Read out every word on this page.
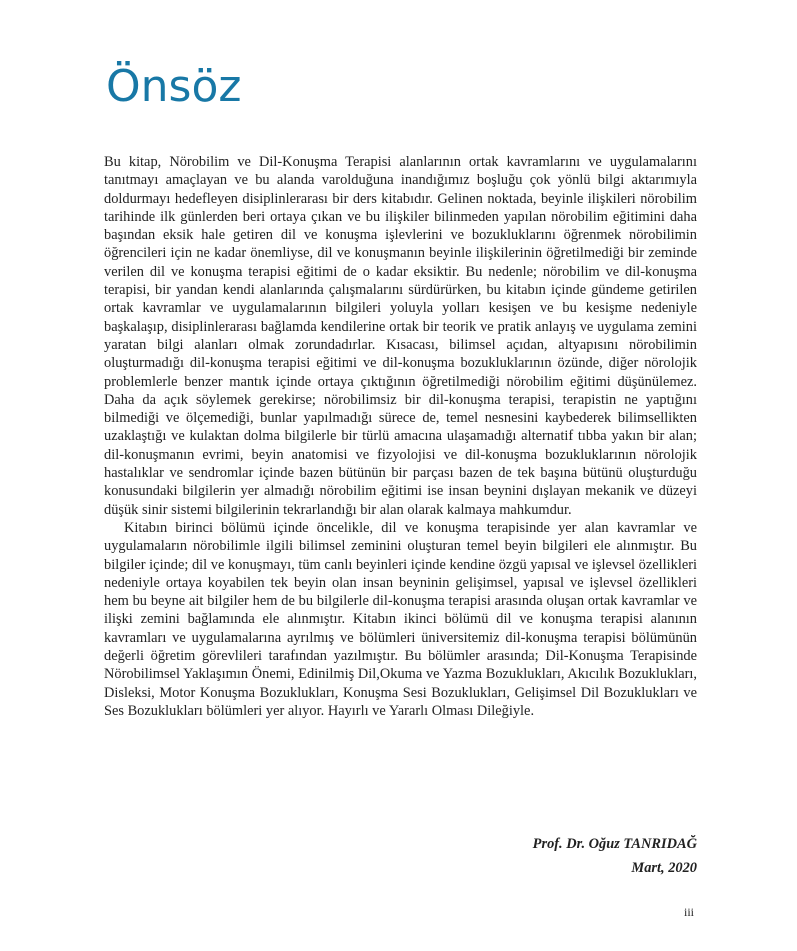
Önsöz

Bu kitap, Nörobilim ve Dil-Konuşma Terapisi alanlarının ortak kavramlarını ve uygulamalarını tanıtmayı amaçlayan ve bu alanda varolduğuna inandığımız boşluğu çok yönlü bilgi aktarımıyla doldurmayı hedefleyen disiplinlerarası bir ders kitabıdır. Gelinen noktada, beyinle ilişkileri nörobilim tarihinde ilk günlerden beri ortaya çıkan ve bu ilişkiler bilinmeden yapılan nörobilim eğitimini daha başından eksik hale getiren dil ve konuşma işlevlerini ve bozukluklarını öğrenmek nörobilimin öğrencileri için ne kadar önemliyse, dil ve konuşmanın beyinle ilişkilerinin öğretilmediği bir zeminde verilen dil ve konuşma terapisi eğitimi de o kadar eksiktir. Bu nedenle; nörobilim ve dil-konuşma terapisi, bir yandan kendi alanlarında çalışmalarını sürdürürken, bu kitabın içinde gündeme getirilen ortak kavramlar ve uygulamalarının bilgileri yoluyla yolları kesişen ve bu kesişme nedeniyle başkalaşıp, disiplinlerarası bağlamda kendilerine ortak bir teorik ve pratik anlayış ve uygulama zemini yaratan bilgi alanları olmak zorundadırlar. Kısacası, bilimsel açıdan, altyapısını nörobilimin oluşturmadığı dil-konuşma terapisi eğitimi ve dil-konuşma bozukluklarının özünde, diğer nörolojik problemlerle benzer mantık içinde ortaya çıktığının öğretilmediği nörobilim eğitimi düşünülemez. Daha da açık söylemek gerekirse; nörobilimsiz bir dil-konuşma terapisi, terapistin ne yaptığını bilmediği ve ölçemediği, bunlar yapılmadığı sürece de, temel nesnesini kaybederek bilimsellikten uzaklaştığı ve kulaktan dolma bilgilerle bir türlü amacına ulaşamadığı alternatif tıbba yakın bir alan; dil-konuşmanın evrimi, beyin anatomisi ve fizyolojisi ve dil-konuşma bozukluklarının nörolojik hastalıklar ve sendromlar içinde bazen bütünün bir parçası bazen de tek başına bütünü oluşturduğu konusundaki bilgilerin yer almadığı nörobilim eğitimi ise insan beynini dışlayan mekanik ve düzeyi düşük sinir sistemi bilgilerinin tekrarlandığı bir alan olarak kalmaya mahkumdur.

Kitabın birinci bölümü içinde öncelikle, dil ve konuşma terapisinde yer alan kavramlar ve uygulamaların nörobilimle ilgili bilimsel zeminini oluşturan temel beyin bilgileri ele alınmıştır. Bu bilgiler içinde; dil ve konuşmayı, tüm canlı beyinleri içinde kendine özgü yapısal ve işlevsel özellikleri nedeniyle ortaya koyabilen tek beyin olan insan beyninin gelişimsel, yapısal ve işlevsel özellikleri hem bu beyne ait bilgiler hem de bu bilgilerle dil-konuşma terapisi arasında oluşan ortak kavramlar ve ilişki zemini bağlamında ele alınmıştır. Kitabın ikinci bölümü dil ve konuşma terapisi alanının kavramları ve uygulamalarına ayrılmış ve bölümleri üniversitemiz dil-konuşma terapisi bölümünün değerli öğretim görevlileri tarafından yazılmıştır. Bu bölümler arasında; Dil-Konuşma Terapisinde Nörobilimsel Yaklaşımın Önemi, Edinilmiş Dil,Okuma ve Yazma Bozuklukları, Akıcılık Bozuklukları, Disleksi, Motor Konuşma Bozuklukları, Konuşma Sesi Bozuklukları, Gelişimsel Dil Bozuklukları ve Ses Bozuklukları bölümleri yer alıyor. Hayırlı ve Yararlı Olması Dileğiyle.

Prof. Dr. Oğuz TANRIDAĞ
Mart, 2020
iii
